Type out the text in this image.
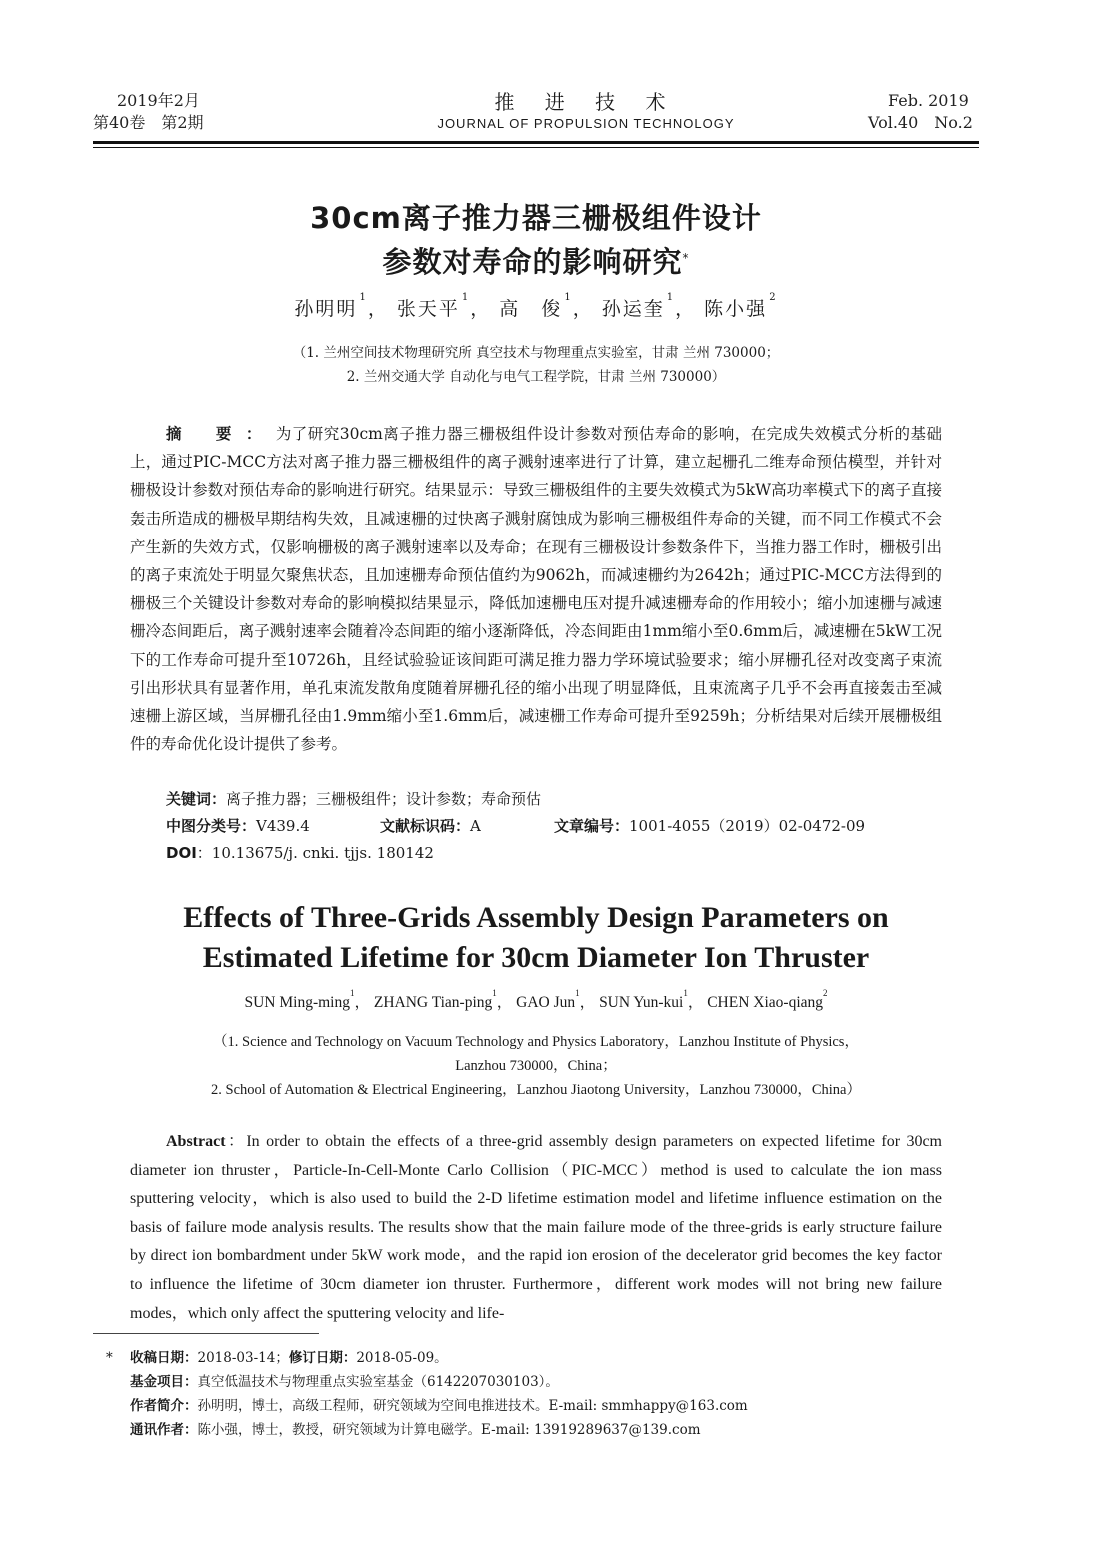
2019年2月
第40卷　第2期
推 进 技 术
JOURNAL OF PROPULSION TECHNOLOGY
Feb. 2019
Vol.40　No.2
30cm离子推力器三栅极组件设计
参数对寿命的影响研究*
孙明明$^1$， 张天平$^1$， 高　俊$^1$， 孙运奎$^1$， 陈小强$^2$
（1. 兰州空间技术物理研究所 真空技术与物理重点实验室，甘肃 兰州 730000；
2. 兰州交通大学 自动化与电气工程学院，甘肃 兰州 730000）
摘 要：为了研究30cm离子推力器三栅极组件设计参数对预估寿命的影响，在完成失效模式分析的基础上，通过PIC-MCC方法对离子推力器三栅极组件的离子溅射速率进行了计算，建立起栅孔二维寿命预估模型，并针对栅极设计参数对预估寿命的影响进行研究。结果显示：导致三栅极组件的主要失效模式为5kW高功率模式下的离子直接轰击所造成的栅极早期结构失效，且减速栅的过快离子溅射腐蚀成为影响三栅极组件寿命的关键，而不同工作模式不会产生新的失效方式，仅影响栅极的离子溅射速率以及寿命；在现有三栅极设计参数条件下，当推力器工作时，栅极引出的离子束流处于明显欠聚焦状态，且加速栅寿命预估值约为9062h，而减速栅约为2642h；通过PIC-MCC方法得到的栅极三个关键设计参数对寿命的影响模拟结果显示，降低加速栅电压对提升减速栅寿命的作用较小；缩小加速栅与减速栅冷态间距后，离子溅射速率会随着冷态间距的缩小逐渐降低，冷态间距由1mm缩小至0.6mm后，减速栅在5kW工况下的工作寿命可提升至10726h，且经试验验证该间距可满足推力器力学环境试验要求；缩小屏栅孔径对改变离子束流引出形状具有显著作用，单孔束流发散角度随着屏栅孔径的缩小出现了明显降低，且束流离子几乎不会再直接轰击至减速栅上游区域，当屏栅孔径由1.9mm缩小至1.6mm后，减速栅工作寿命可提升至9259h；分析结果对后续开展栅极组件的寿命优化设计提供了参考。
关键词：离子推力器；三栅极组件；设计参数；寿命预估
中图分类号：V439.4	文献标识码：A	文章编号：1001-4055（2019）02-0472-09
DOI：10.13675/j. cnki. tjjs. 180142
Effects of Three-Grids Assembly Design Parameters on
Estimated Lifetime for 30cm Diameter Ion Thruster
SUN Ming-ming$^1$， ZHANG Tian-ping$^1$， GAO Jun$^1$， SUN Yun-kui$^1$， CHEN Xiao-qiang$^2$
（1. Science and Technology on Vacuum Technology and Physics Laboratory，Lanzhou Institute of Physics，
Lanzhou 730000，China；
2. School of Automation & Electrical Engineering，Lanzhou Jiaotong University，Lanzhou 730000，China）
Abstract：In order to obtain the effects of a three-grid assembly design parameters on expected lifetime for 30cm diameter ion thruster，Particle-In-Cell-Monte Carlo Collision（PIC-MCC）method is used to calculate the ion mass sputtering velocity，which is also used to build the 2-D lifetime estimation model and lifetime influence estimation on the basis of failure mode analysis results. The results show that the main failure mode of the three-grids is early structure failure by direct ion bombardment under 5kW work mode，and the rapid ion erosion of the decelerator grid becomes the key factor to influence the lifetime of 30cm diameter ion thruster. Furthermore，different work modes will not bring new failure modes，which only affect the sputtering velocity and life-
* 收稿日期：2018-03-14；修订日期：2018-05-09。
基金项目：真空低温技术与物理重点实验室基金（6142207030103）。
作者简介：孙明明，博士，高级工程师，研究领域为空间电推进技术。E-mail: smmhappy@163.com
通讯作者：陈小强，博士，教授，研究领域为计算电磁学。E-mail: 13919289637@139.com
